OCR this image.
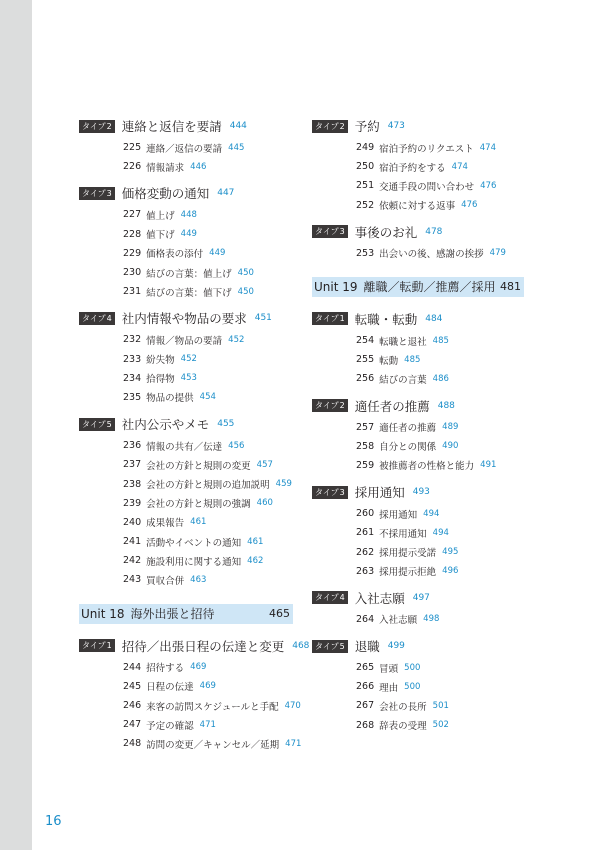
タイプ2 連絡と返信を要請 444
225 連絡／返信の要請 445
226 情報請求 446
タイプ3 価格変動の通知 447
227 値上げ 448
228 値下げ 449
229 価格表の添付 449
230 結びの言葉：値上げ 450
231 結びの言葉：値下げ 450
タイプ4 社内情報や物品の要求 451
232 情報／物品の要請 452
233 紛失物 452
234 拾得物 453
235 物品の提供 454
タイプ5 社内公示やメモ 455
236 情報の共有／伝達 456
237 会社の方針と規則の変更 457
238 会社の方針と規則の追加説明 459
239 会社の方針と規則の強調 460
240 成果報告 461
241 活動やイベントの通知 461
242 施設利用に関する通知 462
243 買収合併 463
Unit 18  海外出張と招待	465
タイプ1 招待／出張日程の伝達と変更 468
244 招待する 469
245 日程の伝達 469
246 来客の訪問スケジュールと手配 470
247 予定の確認 471
248 訪問の変更／キャンセル／延期 471
タイプ2 予約 473
249 宿泊予約のリクエスト 474
250 宿泊予約をする 474
251 交通手段の問い合わせ 476
252 依頼に対する返事 476
タイプ3 事後のお礼 478
253 出会いの後、感謝の挨拶 479
Unit 19  離職／転動／推薦／採用 481
タイプ1 転職・転動 484
254 転職と退社 485
255 転動 485
256 結びの言葉 486
タイプ2 適任者の推薦 488
257 適任者の推薦 489
258 自分との関係 490
259 被推薦者の性格と能力 491
タイプ3 採用通知 493
260 採用通知 494
261 不採用通知 494
262 採用提示受諾 495
263 採用提示拒絶 496
タイプ4 入社志願 497
264 入社志願 498
タイプ5 退職 499
265 冒頭 500
266 理由 500
267 会社の長所 501
268 辞表の受理 502
16
